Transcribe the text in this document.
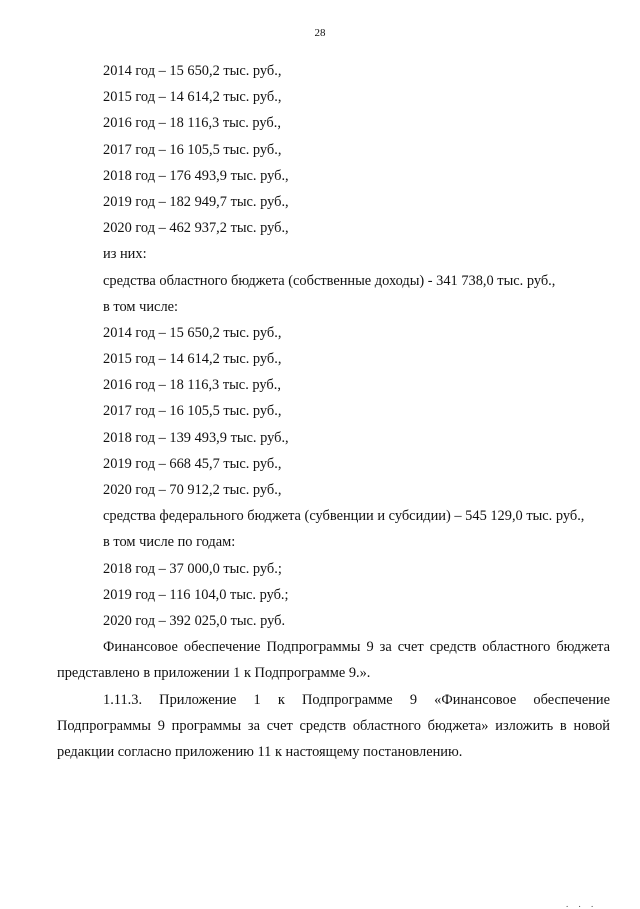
28
2014 год – 15 650,2 тыс. руб.,
2015 год – 14 614,2 тыс. руб.,
2016 год – 18 116,3 тыс. руб.,
2017 год – 16 105,5 тыс. руб.,
2018 год – 176 493,9 тыс. руб.,
2019 год – 182 949,7 тыс. руб.,
2020 год – 462 937,2 тыс. руб.,
из них:
средства областного бюджета (собственные доходы) - 341 738,0 тыс. руб.,
в том числе:
2014 год – 15 650,2 тыс. руб.,
2015 год – 14 614,2 тыс. руб.,
2016 год – 18 116,3 тыс. руб.,
2017 год – 16 105,5 тыс. руб.,
2018 год – 139 493,9 тыс. руб.,
2019 год – 668 45,7 тыс. руб.,
2020 год – 70 912,2 тыс. руб.,

средства федерального бюджета (субвенции и субсидии) – 545 129,0 тыс. руб.,

в том числе по годам:
2018 год – 37 000,0 тыс. руб.;
2019 год – 116 104,0 тыс. руб.;
2020 год – 392 025,0 тыс. руб.

Финансовое обеспечение Подпрограммы 9 за счет средств областного бюджета представлено в приложении 1 к Подпрограмме 9.».

1.11.3. Приложение 1 к Подпрограмме 9 «Финансовое обеспечение Подпрограммы 9 программы за счет средств областного бюджета» изложить в новой редакции согласно приложению 11 к настоящему постановлению.

. . .
